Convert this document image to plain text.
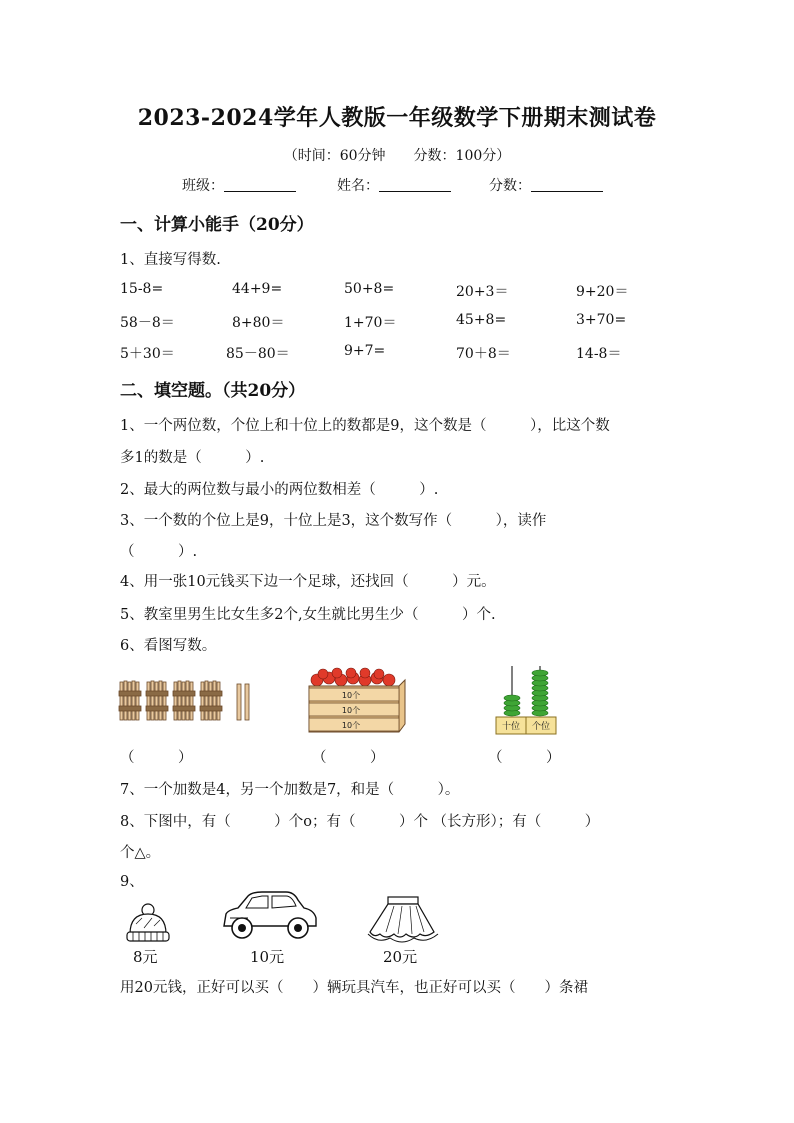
2023-2024学年人教版一年级数学下册期末测试卷
（时间：60分钟　　分数：100分）
班级：	姓名：	分数：
一、计算小能手（20分）
1、直接写得数.
15-8=	44+9=	50+8=	20+3＝	9+20＝
58－8＝	8+80＝	1+70＝	45+8=	3+70=
5＋30＝	85－80＝	9+7=	70＋8＝	14-8＝
二、填空题。（共20分）
1、一个两位数，个位上和十位上的数都是9，这个数是（　　　），比这个数
多1的数是（　　　）.
2、最大的两位数与最小的两位数相差（　　　）.
3、一个数的个位上是9，十位上是3，这个数写作（　　　），读作
（　　　）.
4、用一张10元钱买下边一个足球，还找回（　　　）元。
5、教室里男生比女生多2个,女生就比男生少（　　　）个.
6、看图写数。
10个
10个
10个	十位 个位
（　　　）	（　　　）	（　　　）
7、一个加数是4，另一个加数是7，和是（　　　）。
8、下图中，有（　　　）个o；有（　　　）个 （长方形）；有（　　　）
个△。
9、
8元	10元	20元
用20元钱，正好可以买（　　）辆玩具汽车，也正好可以买（　　）条裙
